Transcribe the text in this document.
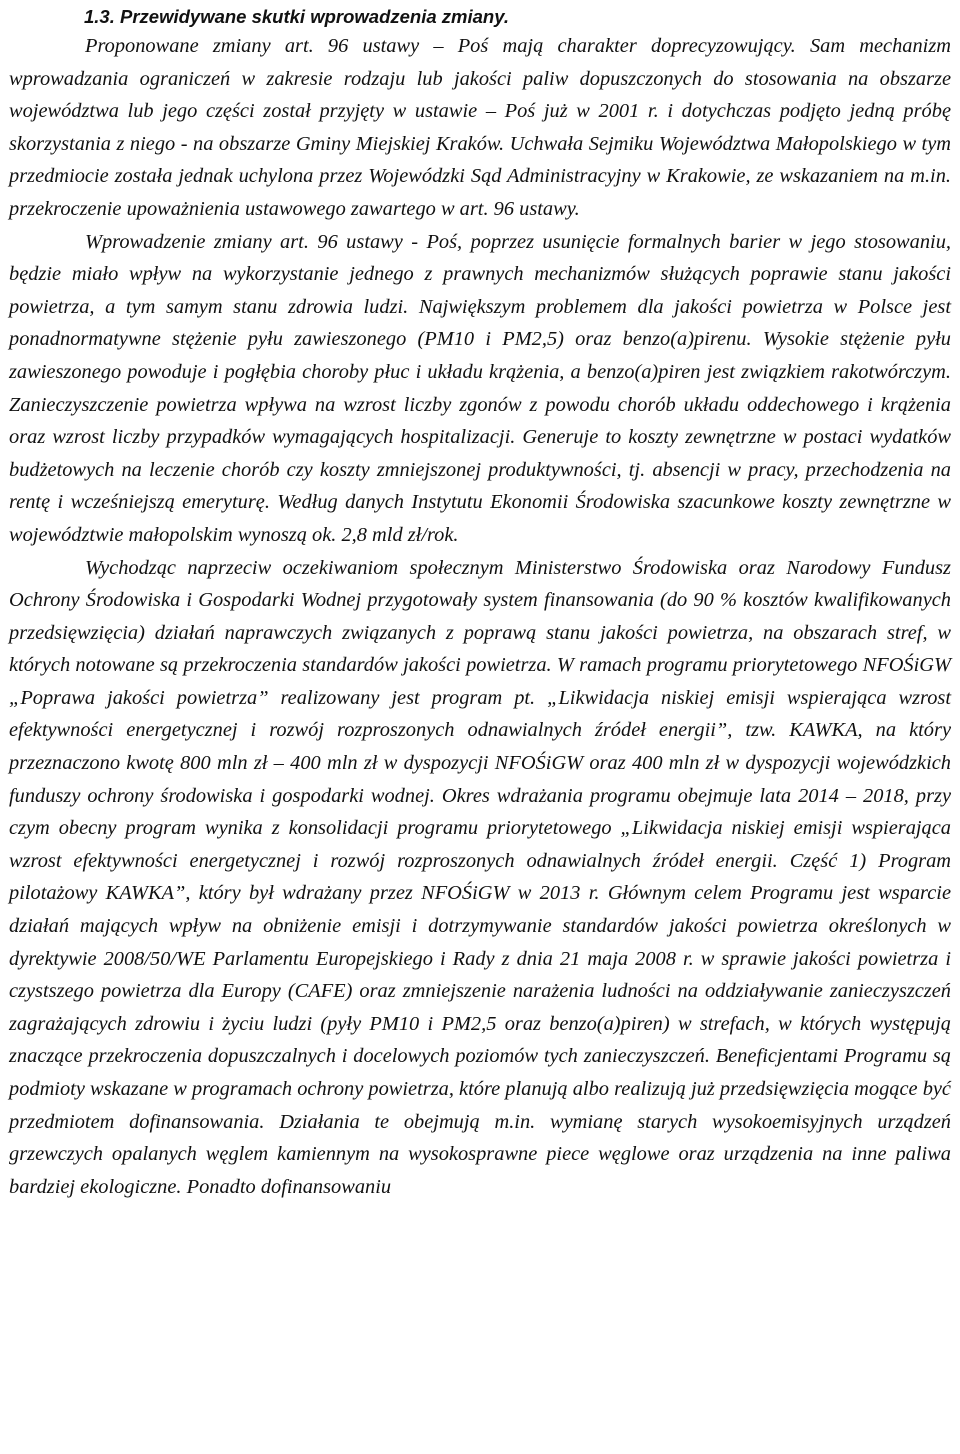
1.3. Przewidywane skutki wprowadzenia zmiany.

Proponowane zmiany art. 96 ustawy – Poś mają charakter doprecyzowujący. Sam mechanizm wprowadzania ograniczeń w zakresie rodzaju lub jakości paliw dopuszczonych do stosowania na obszarze województwa lub jego części został przyjęty w ustawie – Poś już w 2001 r. i dotychczas podjęto jedną próbę skorzystania z niego - na obszarze Gminy Miejskiej Kraków. Uchwała Sejmiku Województwa Małopolskiego w tym przedmiocie została jednak uchylona przez Wojewódzki Sąd Administracyjny w Krakowie, ze wskazaniem na m.in. przekroczenie upoważnienia ustawowego zawartego w art. 96 ustawy.

Wprowadzenie zmiany art. 96 ustawy - Poś, poprzez usunięcie formalnych barier w jego stosowaniu, będzie miało wpływ na wykorzystanie jednego z prawnych mechanizmów służących poprawie stanu jakości powietrza, a tym samym stanu zdrowia ludzi. Największym problemem dla jakości powietrza w Polsce jest ponadnormatywne stężenie pyłu zawieszonego (PM10 i PM2,5) oraz benzo(a)pirenu. Wysokie stężenie pyłu zawieszonego powoduje i pogłębia choroby płuc i układu krążenia, a benzo(a)piren jest związkiem rakotwórczym. Zanieczyszczenie powietrza wpływa na wzrost liczby zgonów z powodu chorób układu oddechowego i krążenia oraz wzrost liczby przypadków wymagających hospitalizacji. Generuje to koszty zewnętrzne w postaci wydatków budżetowych na leczenie chorób czy koszty zmniejszonej produktywności, tj. absencji w pracy, przechodzenia na rentę i wcześniejszą emeryturę. Według danych Instytutu Ekonomii Środowiska szacunkowe koszty zewnętrzne w województwie małopolskim wynoszą ok. 2,8 mld zł/rok.

Wychodząc naprzeciw oczekiwaniom społecznym Ministerstwo Środowiska oraz Narodowy Fundusz Ochrony Środowiska i Gospodarki Wodnej przygotowały system finansowania (do 90 % kosztów kwalifikowanych przedsięwzięcia) działań naprawczych związanych z poprawą stanu jakości powietrza, na obszarach stref, w których notowane są przekroczenia standardów jakości powietrza. W ramach programu priorytetowego NFOŚiGW „Poprawa jakości powietrza” realizowany jest program pt. „Likwidacja niskiej emisji wspierająca wzrost efektywności energetycznej i rozwój rozproszonych odnawialnych źródeł energii”, tzw. KAWKA, na który przeznaczono kwotę 800 mln zł – 400 mln zł w dyspozycji NFOŚiGW oraz 400 mln zł w dyspozycji wojewódzkich funduszy ochrony środowiska i gospodarki wodnej. Okres wdrażania programu obejmuje lata 2014 – 2018, przy czym obecny program wynika z konsolidacji programu priorytetowego „Likwidacja niskiej emisji wspierająca wzrost efektywności energetycznej i rozwój rozproszonych odnawialnych źródeł energii. Część 1) Program pilotażowy KAWKA”, który był wdrażany przez NFOŚiGW w 2013 r. Głównym celem Programu jest wsparcie działań mających wpływ na obniżenie emisji i dotrzymywanie standardów jakości powietrza określonych w dyrektywie 2008/50/WE Parlamentu Europejskiego i Rady z dnia 21 maja 2008 r. w sprawie jakości powietrza i czystszego powietrza dla Europy (CAFE) oraz zmniejszenie narażenia ludności na oddziaływanie zanieczyszczeń zagrażających zdrowiu i życiu ludzi (pyły PM10 i PM2,5 oraz benzo(a)piren) w strefach, w których występują znaczące przekroczenia dopuszczalnych i docelowych poziomów tych zanieczyszczeń. Beneficjentami Programu są podmioty wskazane w programach ochrony powietrza, które planują albo realizują już przedsięwzięcia mogące być przedmiotem dofinansowania. Działania te obejmują m.in. wymianę starych wysokoemisyjnych urządzeń grzewczych opalanych węglem kamiennym na wysokosprawne piece węglowe oraz urządzenia na inne paliwa bardziej ekologiczne. Ponadto dofinansowaniu
